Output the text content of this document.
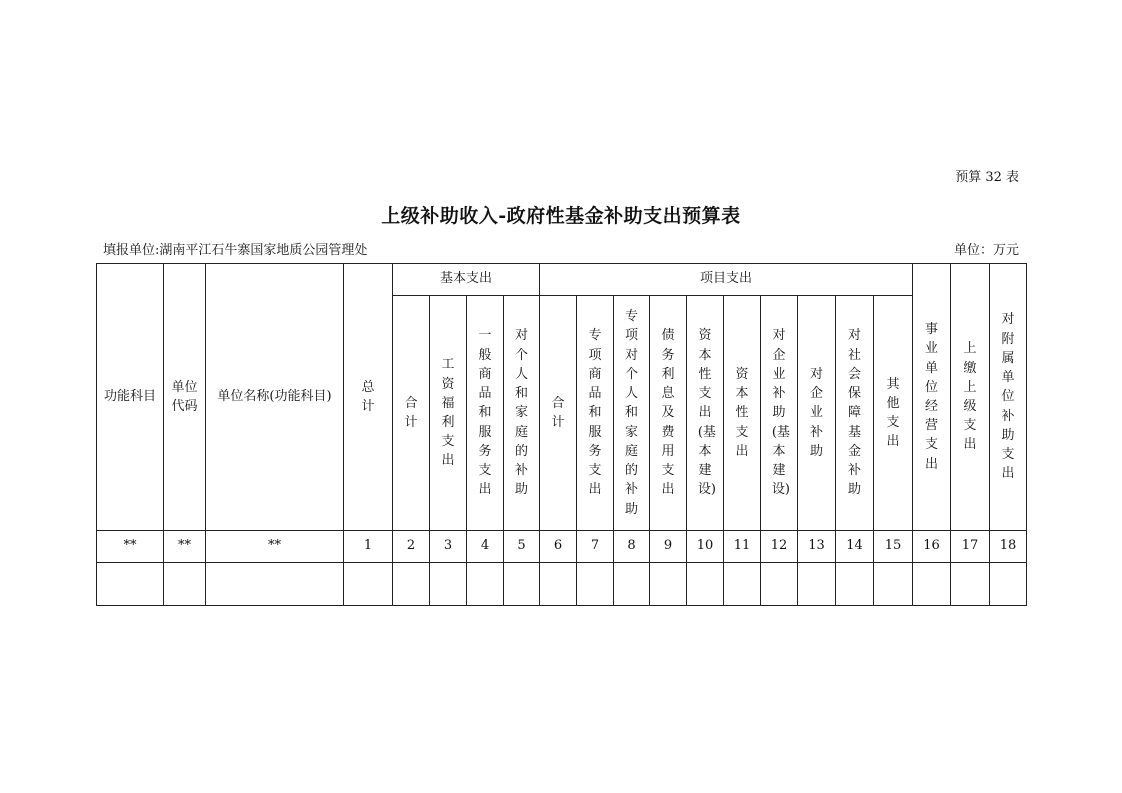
预算 32 表
上级补助收入-政府性基金补助支出预算表
填报单位:湖南平江石牛寨国家地质公园管理处	单位：万元
功能科目	单位代码	单位名称(功能科目)	总计	基本支出				项目支出										事业单位经营支出	上缴上级支出	对附属单位补助支出
				合计	工资福利支出	一般商品和服务支出	对个人和家庭的补助	合计	专项商品和服务支出	专项对个人和家庭的补助	债务利息及费用支出	资本性支出(基本建设)	资本性支出	对企业补助(基本建设)	对企业补助	对社会保障基金补助	其他支出			
**	**	**	1	2	3	4	5	6	7	8	9	10	11	12	13	14	15	16	17	18
